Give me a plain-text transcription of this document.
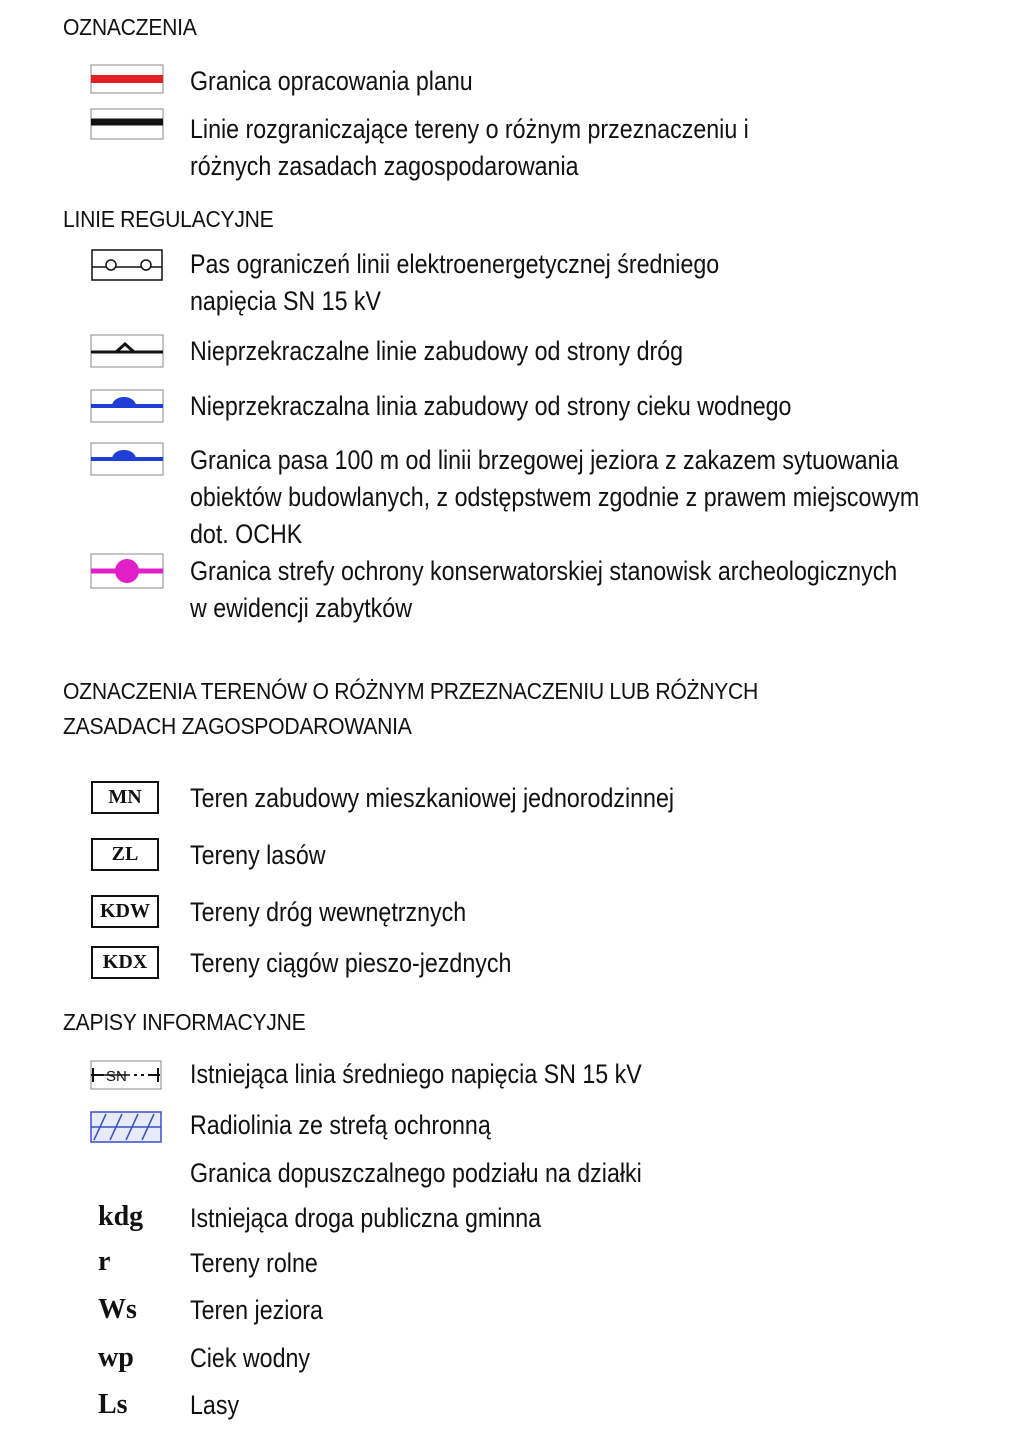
OZNACZENIA
Granica opracowania planu
Linie rozgraniczające tereny o różnym przeznaczeniu i
różnych zasadach zagospodarowania
LINIE REGULACYJNE
Pas ograniczeń linii elektroenergetycznej średniego
napięcia SN 15 kV
Nieprzekraczalne linie zabudowy od strony dróg
Nieprzekraczalna linia zabudowy od strony cieku wodnego
Granica pasa 100 m od linii brzegowej jeziora z zakazem sytuowania
obiektów budowlanych, z odstępstwem zgodnie z prawem miejscowym
dot. OCHK
Granica strefy ochrony konserwatorskiej stanowisk archeologicznych
w ewidencji zabytków
OZNACZENIA TERENÓW O RÓŻNYM PRZEZNACZENIU LUB RÓŻNYCH
ZASADACH ZAGOSPODAROWANIA
MN	Teren zabudowy mieszkaniowej jednorodzinnej
ZL	Tereny lasów
KDW	Tereny dróg wewnętrznych
KDX	Tereny ciągów pieszo-jezdnych
ZAPISY INFORMACYJNE
SN Istniejąca linia średniego napięcia SN 15 kV
Radiolinia ze strefą ochronną
Granica dopuszczalnego podziału na działki
kdg Istniejąca droga publiczna gminna
r	Tereny rolne
Ws Teren jeziora
wp Ciek wodny
Ls Lasy
